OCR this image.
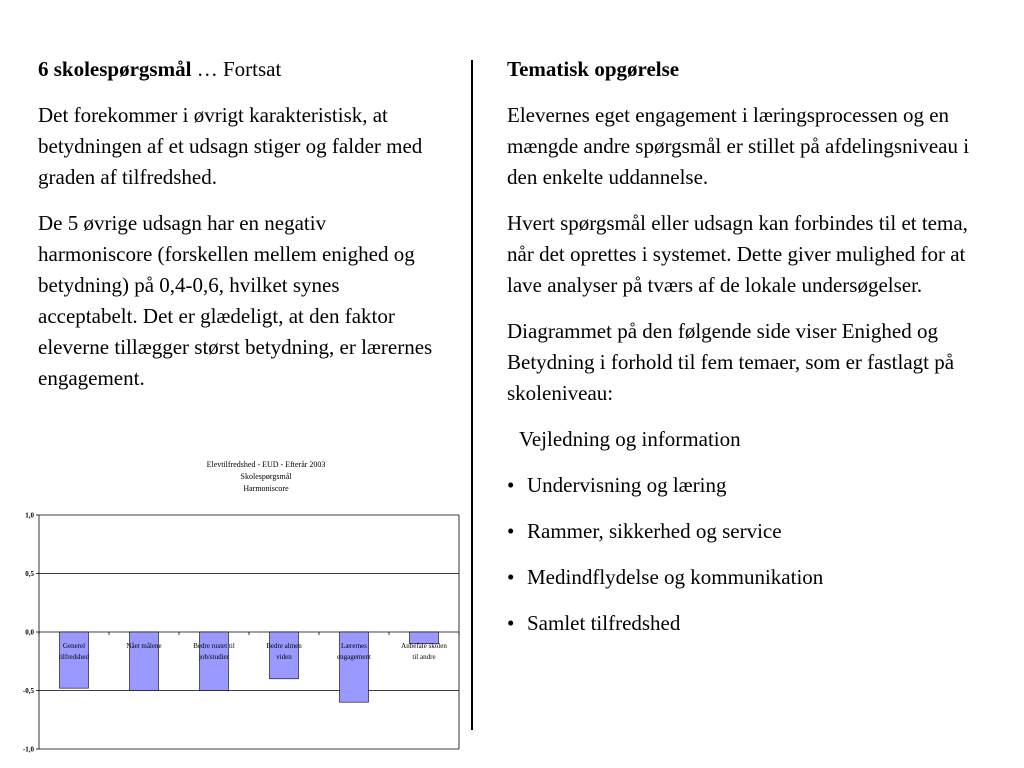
6 skolespørgsmål … Fortsat

Det forekommer i øvrigt karakteristisk, at betydningen af et udsagn stiger og falder med graden af tilfredshed.

De 5 øvrige udsagn har en negativ harmoniscore (forskellen mellem enighed og betydning) på 0,4-0,6, hvilket synes acceptabelt. Det er glædeligt, at den faktor eleverne tillægger størst betydning, er lærernes engagement.

Tematisk opgørelse

Elevernes eget engagement i læringsprocessen og en mængde andre spørgsmål er stillet på afdelingsniveau i den enkelte uddannelse.

Hvert spørgsmål eller udsagn kan forbindes til et tema, når det oprettes i systemet. Dette giver mulighed for at lave analyser på tværs af de lokale undersøgelser.

Diagrammet på den følgende side viser Enighed og Betydning i forhold til fem temaer, som er fastlagt på skoleniveau:

Vejledning og information
• Undervisning og læring
• Rammer, sikkerhed og service
• Medindflydelse og kommunikation
• Samlet tilfredshed
Elevtilfredshed - EUD - Efterår 2003
Skolespørgsmål
Harmoniscore
1,0
0,5
0,0
-0,5
-1,0
Generel
tilfredshed
Nået målene	Bedre rustet til
job/studier
Bedre almen
viden
Lærernes
engagement
Anbefale skolen
til andre
